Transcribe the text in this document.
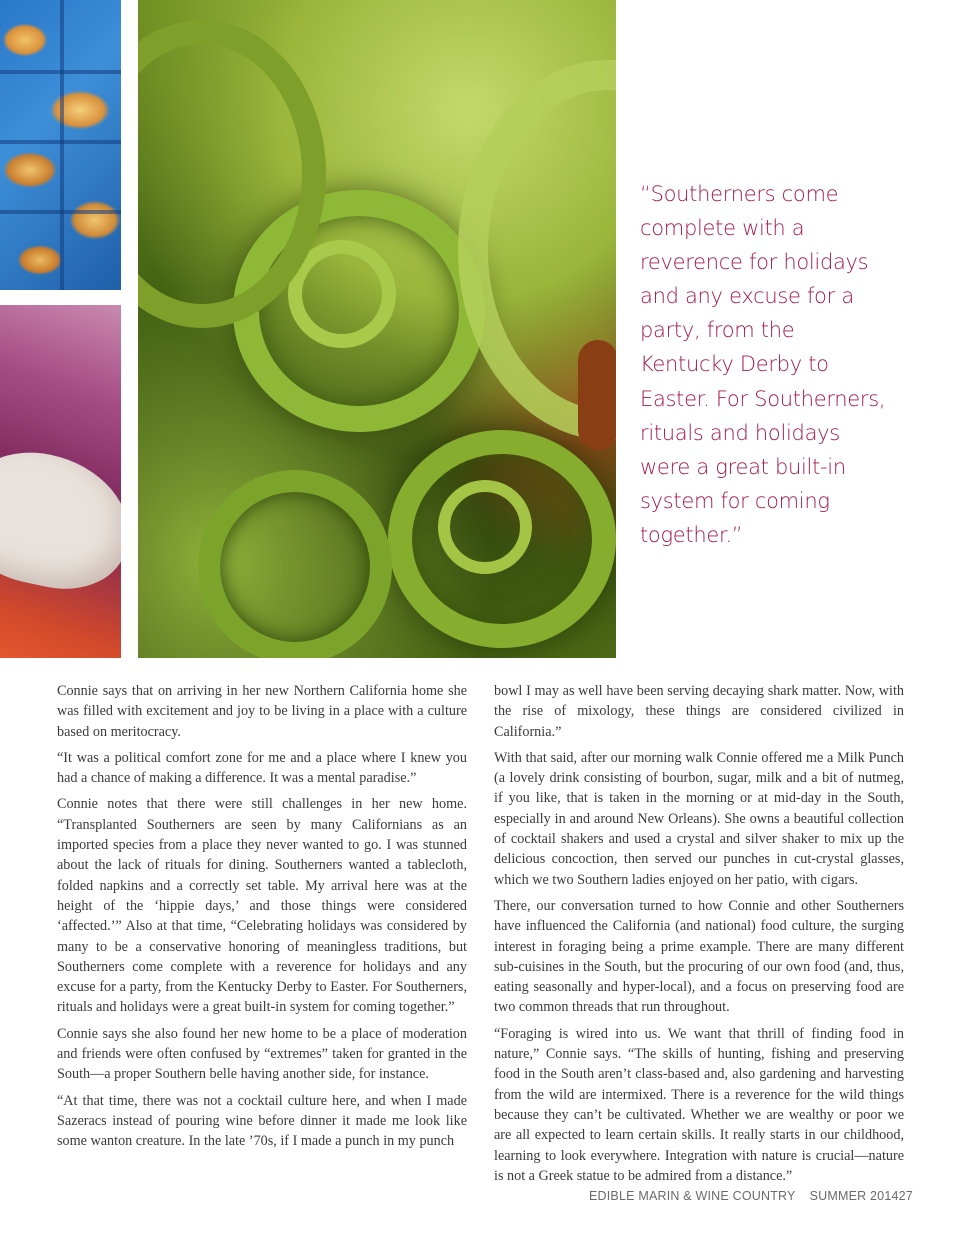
“Southerners come complete with a reverence for holidays and any excuse for a party, from the Kentucky Derby to Easter. For Southerners, rituals and holidays were a great built-in system for coming together.”

Connie says that on arriving in her new Northern California home she was filled with excitement and joy to be living in a place with a culture based on meritocracy.

“It was a political comfort zone for me and a place where I knew you had a chance of making a difference. It was a mental paradise.”

Connie notes that there were still challenges in her new home. “Transplanted Southerners are seen by many Californians as an imported species from a place they never wanted to go. I was stunned about the lack of rituals for dining. Southerners wanted a tablecloth, folded napkins and a correctly set table. My arrival here was at the height of the ‘hippie days,’ and those things were considered ‘affected.’” Also at that time, “Celebrating holidays was considered by many to be a conservative honoring of meaningless traditions, but Southerners come complete with a reverence for holidays and any excuse for a party, from the Kentucky Derby to Easter. For Southerners, rituals and holidays were a great built-in system for coming together.”

Connie says she also found her new home to be a place of moderation and friends were often confused by “extremes” taken for granted in the South—a proper Southern belle having another side, for instance.

“At that time, there was not a cocktail culture here, and when I made Sazeracs instead of pouring wine before dinner it made me look like some wanton creature. In the late ’70s, if I made a punch in my punch

bowl I may as well have been serving decaying shark matter. Now, with the rise of mixology, these things are considered civilized in California.”

With that said, after our morning walk Connie offered me a Milk Punch (a lovely drink consisting of bourbon, sugar, milk and a bit of nutmeg, if you like, that is taken in the morning or at mid-day in the South, especially in and around New Orleans). She owns a beautiful collection of cocktail shakers and used a crystal and silver shaker to mix up the delicious concoction, then served our punches in cut-crystal glasses, which we two Southern ladies enjoyed on her patio, with cigars.

There, our conversation turned to how Connie and other Southerners have influenced the California (and national) food culture, the surging interest in foraging being a prime example. There are many different sub-cuisines in the South, but the procuring of our own food (and, thus, eating seasonally and hyper-local), and a focus on preserving food are two common threads that run throughout.

“Foraging is wired into us. We want that thrill of finding food in nature,” Connie says. “The skills of hunting, fishing and preserving food in the South aren’t class-based and, also gardening and harvesting from the wild are intermixed. There is a reverence for the wild things because they can’t be cultivated. Whether we are wealthy or poor we are all expected to learn certain skills. It really starts in our childhood, learning to look everywhere. Integration with nature is crucial—nature is not a Greek statue to be admired from a distance.”

EDIBLE MARIN & WINE COUNTRY SUMMER 2014 27
